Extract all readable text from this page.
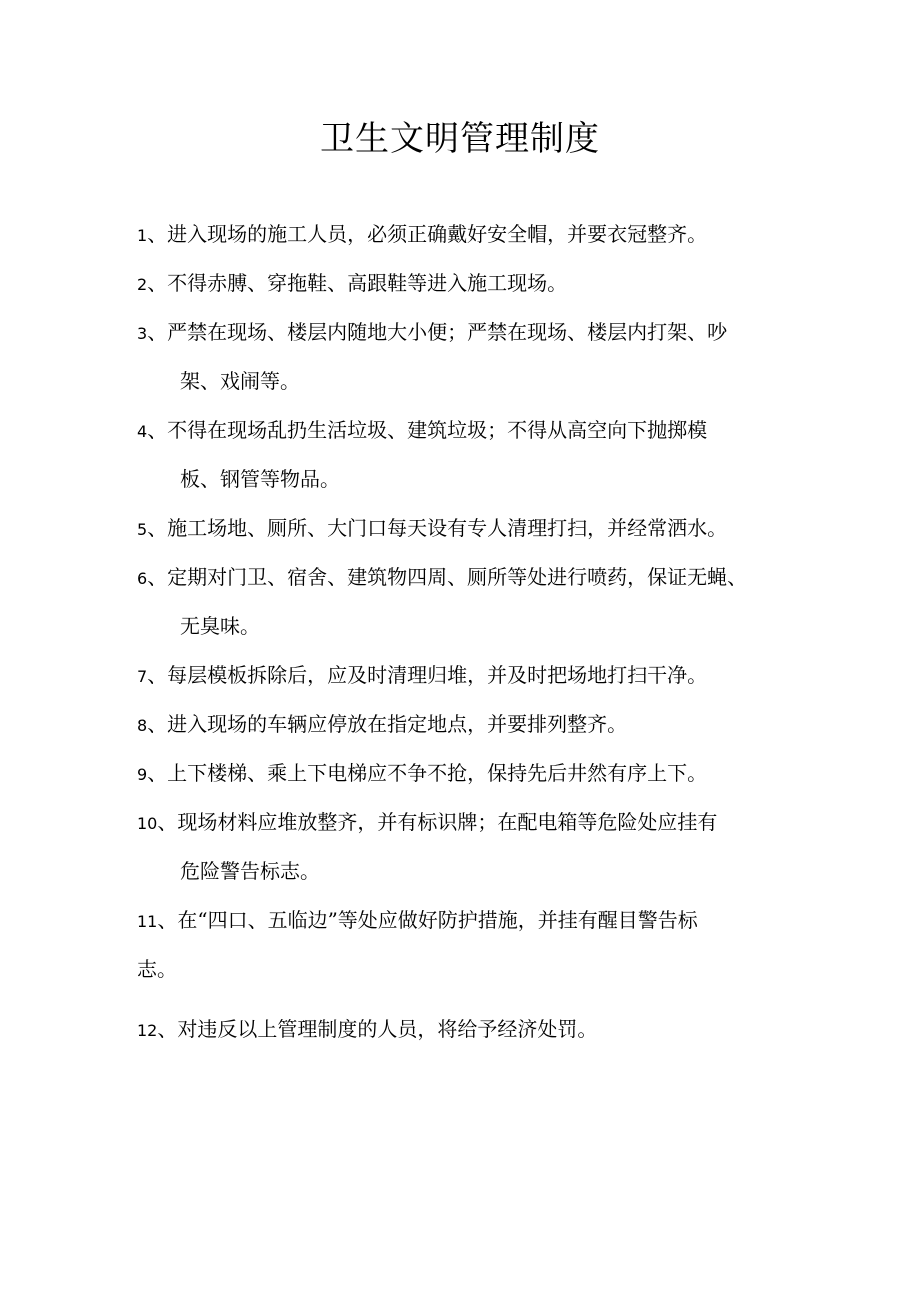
卫生文明管理制度
1、进入现场的施工人员，必须正确戴好安全帽，并要衣冠整齐。
2、不得赤膊、穿拖鞋、高跟鞋等进入施工现场。
3、严禁在现场、楼层内随地大小便；严禁在现场、楼层内打架、吵
架、戏闹等。
4、不得在现场乱扔生活垃圾、建筑垃圾；不得从高空向下抛掷模
板、钢管等物品。
5、施工场地、厕所、大门口每天设有专人清理打扫，并经常洒水。
6、定期对门卫、宿舍、建筑物四周、厕所等处进行喷药，保证无蝇、
无臭味。
7、每层模板拆除后，应及时清理归堆，并及时把场地打扫干净。
8、进入现场的车辆应停放在指定地点，并要排列整齐。
9、上下楼梯、乘上下电梯应不争不抢，保持先后井然有序上下。
10、现场材料应堆放整齐，并有标识牌；在配电箱等危险处应挂有
危险警告标志。
11、在“四口、五临边”等处应做好防护措施，并挂有醒目警告标
志。
12、对违反以上管理制度的人员，将给予经济处罚。
